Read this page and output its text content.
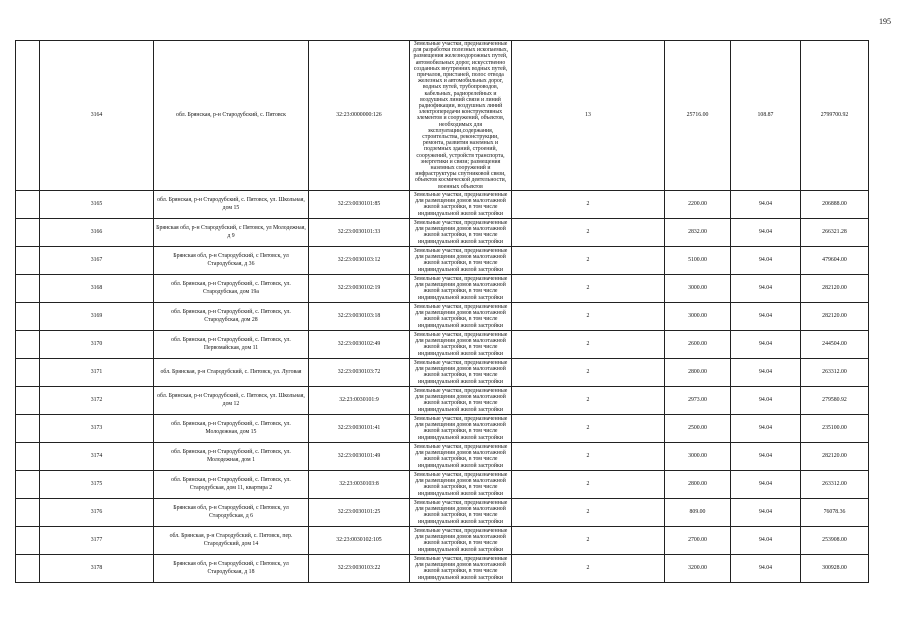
195
	3164	обл. Брянская, р-н Стародубский, с. Пятовск	32:23:0000000:126	Земельные участки, предназначенные для разработки полезных ископаемых, размещения железнодорожных путей, автомобильных дорог, искусственно созданных внутренних водных путей, причалов, пристаней, полос отвода железных и автомобильных дорог, водных путей, трубопроводов, кабельных, радиорелейных и воздушных линий связи и линий радиофикации, воздушных линий электропередачи конструктивных элементов и сооружений, объектов, необходимых для эксплуатации,содержания, строительства, реконструкции, ремонта, развития наземных и подземных зданий, строений, сооружений, устройств транспорта, энергетики и связи; размещения наземных сооружений и инфраструктуры спутниковой связи, объектов космической деятельности, военных объектов	13	25716.00	108.87	2799700.92
	3165	обл. Брянская, р-н Стародубский, с. Пятовск, ул. Школьная, дом 15	32:23:0030101:85	Земельные участки, предназначенные для размещения домов малоэтажной жилой застройки, в том числе индивидуальной жилой застройки	2	2200.00	94.04	206888.00
	3166	Брянская обл, р-н Стародубский, с Пятовск, ул Молодежная, д 9	32:23:0030101:33	Земельные участки, предназначенные для размещения домов малоэтажной жилой застройки, в том числе индивидуальной жилой застройки	2	2832.00	94.04	266321.28
	3167	Брянская обл, р-н Стародубский, с Пятовск, ул Стародубская, д 36	32:23:0030103:12	Земельные участки, предназначенные для размещения домов малоэтажной жилой застройки, в том числе индивидуальной жилой застройки	2	5100.00	94.04	479604.00
	3168	обл. Брянская, р-н Стародубский, с. Пятовск, ул. Стародубская, дом 19а	32:23:0030102:19	Земельные участки, предназначенные для размещения домов малоэтажной жилой застройки, в том числе индивидуальной жилой застройки	2	3000.00	94.04	282120.00
	3169	обл. Брянская, р-н Стародубский, с. Пятовск, ул. Стародубская, дом 28	32:23:0030103:18	Земельные участки, предназначенные для размещения домов малоэтажной жилой застройки, в том числе индивидуальной жилой застройки	2	3000.00	94.04	282120.00
	3170	обл. Брянская, р-н Стародубский, с. Пятовск, ул. Первомайская, дом 11	32:23:0030102:49	Земельные участки, предназначенные для размещения домов малоэтажной жилой застройки, в том числе индивидуальной жилой застройки	2	2600.00	94.04	244504.00
	3171	обл. Брянская, р-н Стародубский, с. Пятовск, ул. Луговая	32:23:0030103:72	Земельные участки, предназначенные для размещения домов малоэтажной жилой застройки, в том числе индивидуальной жилой застройки	2	2800.00	94.04	263312.00
	3172	обл. Брянская, р-н Стародубский, с. Пятовск, ул. Школьная, дом 12	32:23:0030101:9	Земельные участки, предназначенные для размещения домов малоэтажной жилой застройки, в том числе индивидуальной жилой застройки	2	2973.00	94.04	279580.92
	3173	обл. Брянская, р-н Стародубский, с. Пятовск, ул. Молодежная, дом 15	32:23:0030101:41	Земельные участки, предназначенные для размещения домов малоэтажной жилой застройки, в том числе индивидуальной жилой застройки	2	2500.00	94.04	235100.00
	3174	обл. Брянская, р-н Стародубский, с. Пятовск, ул. Молодежная, дом 1	32:23:0030101:49	Земельные участки, предназначенные для размещения домов малоэтажной жилой застройки, в том числе индивидуальной жилой застройки	2	3000.00	94.04	282120.00
	3175	обл. Брянская, р-н Стародубский, с. Пятовск, ул. Стародубская, дом 11, квартира 2	32:23:0030103:8	Земельные участки, предназначенные для размещения домов малоэтажной жилой застройки, в том числе индивидуальной жилой застройки	2	2800.00	94.04	263312.00
	3176	Брянская обл, р-н Стародубский, с Пятовск, ул Стародубская, д 6	32:23:0030101:25	Земельные участки, предназначенные для размещения домов малоэтажной жилой застройки, в том числе индивидуальной жилой застройки	2	809.00	94.04	76078.36
	3177	обл. Брянская, р-н Стародубский, с. Пятовск, пер. Стародубский, дом 14	32:23:0030102:105	Земельные участки, предназначенные для размещения домов малоэтажной жилой застройки, в том числе индивидуальной жилой застройки	2	2700.00	94.04	253908.00
	3178	Брянская обл, р-н Стародубский, с Пятовск, ул Стародубская, д 18	32:23:0030103:22	Земельные участки, предназначенные для размещения домов малоэтажной жилой застройки, в том числе индивидуальной жилой застройки	2	3200.00	94.04	300928.00
